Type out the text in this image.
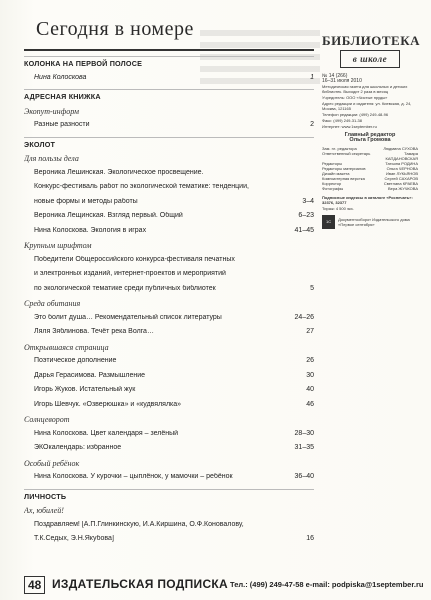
Сегодня в номере
КОЛОНКА НА ПЕРВОЙ ПОЛОСЕ
Нина Колоскова	1
АДРЕСНАЯ КНИЖКА
Экопут-информ
Разные разности	2
ЭКОЛОТ
Для пользы дела
Вероника Лешинская. Экологическое просвещение.
Конкурс-фестиваль работ по экологической тематике: тенденции,
новые формы и методы работы	3–4
Вероника Лещинская. Взгляд первый. Общий	6–23
Нина Колоскова. Экология в играх	41–45
Крупным шрифтом
Победители Общероссийского конкурса-фестиваля печатных
и электронных изданий, интернет-проектов и мероприятий
по экологической тематике среди публичных библиотек	5
Среда обитания
Это болит душа… Рекомендательный список литературы	24–26
Ляля Зяблинова. Течёт река Волга…	27
Открывшаяся страница
Поэтическое дополнение	26
Дарья Герасимова. Размышление	30
Игорь Жуков. Истательный жук	40
Игорь Шевчук. «Озверюшка» и «кудвялялка»	46
Солнцеворот
Нина Колоскова. Цвет календаря – зелёный	28–30
ЭКОкалендарь: избранное	31–35
Особый ребёнок
Нина Колоскова. У курочки – цыплёнок, у мамочки – ребёнок	36–40
ЛИЧНОСТЬ
Ах, юбилей!
Поздравляем! [А.П.Глинкинскую, И.А.Киршина, О.Ф.Коновалову,
Т.К.Седых, Э.Н.Якубова]	16
48 ИЗДАТЕЛЬСКАЯ ПОДПИСКА Тел.: (499) 249-47-58 e-mail: podpiska@1september.ru
БИБЛИОТЕКА
в школе
№ 14 (266)
16–31 июля 2010

Методическая газета для школьных и детских библиотек. Выходит 2 раза в месяц

Учредитель: ООО «Чистые пруды»

Адрес редакции и издателя: ул. Киевская, д. 24, Москва, 121165

Телефон редакции: (499) 249-48-96

Факс: (499) 249-31-38

Интернет: www.1september.ru

Главный редактор
Ольга Громова
Зам. гл. редактора	Людмила СУХОВА
Ответственный секретарь	Тамара КАПДАНОВСКАЯ
Редакторы	Татьяна РОДИНА
Редакторы материалов	Ольга ЧЕРНОВА
Дизайн макета	Иван ЛУКЬЯНОВ
Компьютерная верстка	Сергей САХАРОВ
Корректор	Светлана КРАЕВА
Фотографы	Вера ЖУЧКОВА

Подписные индексы в каталоге «Роспечать»: 32376, 32377

Тираж: 4 500 экз.

1С	Документооборот Издательского дома «Первое сентября»
